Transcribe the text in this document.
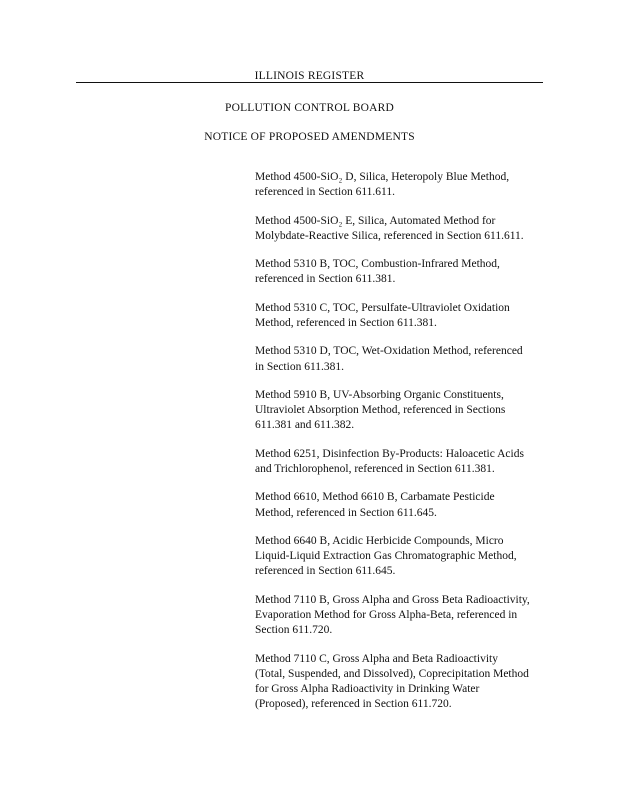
ILLINOIS REGISTER
POLLUTION CONTROL BOARD
NOTICE OF PROPOSED AMENDMENTS
Method 4500-SiO₂ D, Silica, Heteropoly Blue Method,
referenced in Section 611.611.
Method 4500-SiO₂ E, Silica, Automated Method for
Molybdate-Reactive Silica, referenced in Section 611.611.
Method 5310 B, TOC, Combustion-Infrared Method,
referenced in Section 611.381.
Method 5310 C, TOC, Persulfate-Ultraviolet Oxidation
Method, referenced in Section 611.381.
Method 5310 D, TOC, Wet-Oxidation Method, referenced
in Section 611.381.
Method 5910 B, UV-Absorbing Organic Constituents,
Ultraviolet Absorption Method, referenced in Sections
611.381 and 611.382.
Method 6251, Disinfection By-Products: Haloacetic Acids
and Trichlorophenol, referenced in Section 611.381.
Method 6610, Method 6610 B, Carbamate Pesticide
Method, referenced in Section 611.645.
Method 6640 B, Acidic Herbicide Compounds, Micro
Liquid-Liquid Extraction Gas Chromatographic Method,
referenced in Section 611.645.
Method 7110 B, Gross Alpha and Gross Beta Radioactivity,
Evaporation Method for Gross Alpha-Beta, referenced in
Section 611.720.
Method 7110 C, Gross Alpha and Beta Radioactivity
(Total, Suspended, and Dissolved), Coprecipitation Method
for Gross Alpha Radioactivity in Drinking Water
(Proposed), referenced in Section 611.720.
